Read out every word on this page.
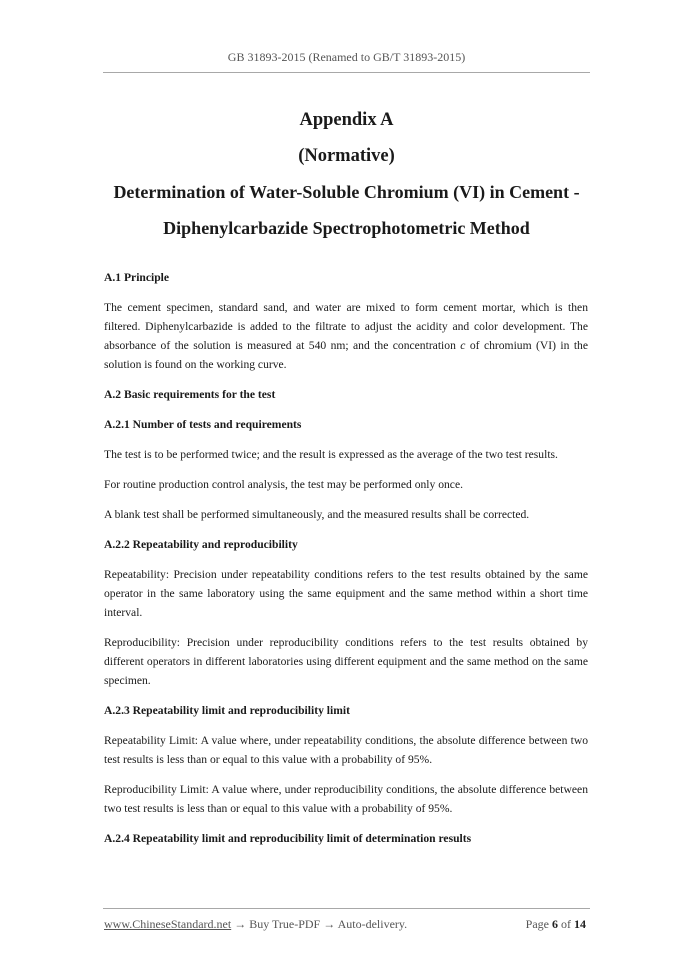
GB 31893-2015 (Renamed to GB/T 31893-2015)

Appendix A

(Normative)

Determination of Water-Soluble Chromium (VI) in Cement -

Diphenylcarbazide Spectrophotometric Method

A.1 Principle

The cement specimen, standard sand, and water are mixed to form cement mortar, which is then filtered. Diphenylcarbazide is added to the filtrate to adjust the acidity and color development. The absorbance of the solution is measured at 540 nm; and the concentration c of chromium (VI) in the solution is found on the working curve.

A.2 Basic requirements for the test

A.2.1 Number of tests and requirements

The test is to be performed twice; and the result is expressed as the average of the two test results.

For routine production control analysis, the test may be performed only once.

A blank test shall be performed simultaneously, and the measured results shall be corrected.

A.2.2 Repeatability and reproducibility

Repeatability: Precision under repeatability conditions refers to the test results obtained by the same operator in the same laboratory using the same equipment and the same method within a short time interval.

Reproducibility: Precision under reproducibility conditions refers to the test results obtained by different operators in different laboratories using different equipment and the same method on the same specimen.

A.2.3 Repeatability limit and reproducibility limit

Repeatability Limit: A value where, under repeatability conditions, the absolute difference between two test results is less than or equal to this value with a probability of 95%.

Reproducibility Limit: A value where, under reproducibility conditions, the absolute difference between two test results is less than or equal to this value with a probability of 95%.

A.2.4 Repeatability limit and reproducibility limit of determination results

www.ChineseStandard.net → Buy True-PDF → Auto-delivery.	Page 6 of 14
